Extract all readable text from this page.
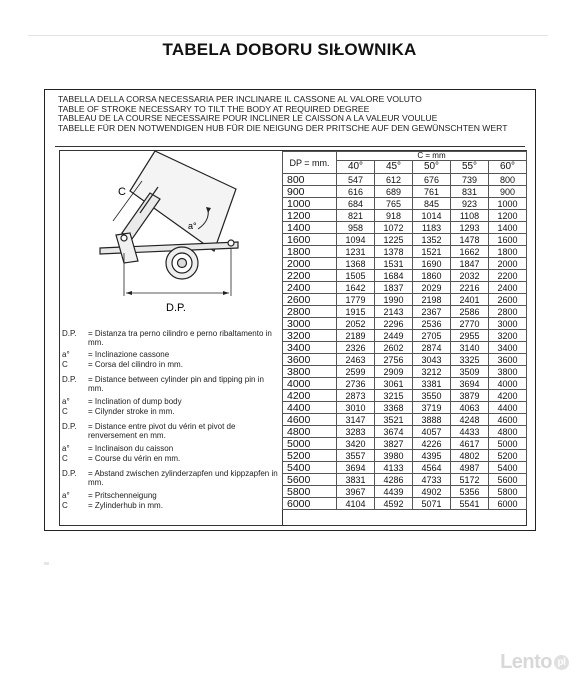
TABELA DOBORU SIŁOWNIKA
TABELLA DELLA CORSA NECESSARIA PER INCLINARE IL CASSONE AL VALORE VOLUTO
TABLE OF STROKE NECESSARY TO TILT THE BODY AT REQUIRED DEGREE
TABLEAU DE LA COURSE NECESSAIRE POUR INCLINER LE CAISSON A LA VALEUR VOULUE
TABELLE FÜR DEN NOTWENDIGEN HUB FÜR DIE NEIGUNG DER PRITSCHE AUF DEN GEWÜNSCHTEN WERT
C
a°
D.P.
D.P. = Distanza tra perno cilindro e perno ribaltamento in mm.
a° = Inclinazione cassone
C	= Corsa del cilindro in mm.
D.P. = Distance between cylinder pin and tipping pin in mm.
a° = Inclination of dump body
C	= Cilynder stroke in mm.
D.P. = Distance entre pivot du vérin et pivot de renversement en mm.
a° = Inclinaison du caisson
C	= Course du vérin en mm.
D.P. = Abstand zwischen zylinderzapfen und kippzapfen in mm.
a° = Pritschenneigung
C	= Zylinderhub in mm.
DP = mm.	C = mm				
	40°	45°	50°	55°	60°
800	547	612	676	739	800
900	616	689	761	831	900
1000	684	765	845	923	1000
1200	821	918	1014	1108	1200
1400	958	1072	1183	1293	1400
1600	1094	1225	1352	1478	1600
1800	1231	1378	1521	1662	1800
2000	1368	1531	1690	1847	2000
2200	1505	1684	1860	2032	2200
2400	1642	1837	2029	2216	2400
2600	1779	1990	2198	2401	2600
2800	1915	2143	2367	2586	2800
3000	2052	2296	2536	2770	3000
3200	2189	2449	2705	2955	3200
3400	2326	2602	2874	3140	3400
3600	2463	2756	3043	3325	3600
3800	2599	2909	3212	3509	3800
4000	2736	3061	3381	3694	4000
4200	2873	3215	3550	3879	4200
4400	3010	3368	3719	4063	4400
4600	3147	3521	3888	4248	4600
4800	3283	3674	4057	4433	4800
5000	3420	3827	4226	4617	5000
5200	3557	3980	4395	4802	5200
5400	3694	4133	4564	4987	5400
5600	3831	4286	4733	5172	5600
5800	3967	4439	4902	5356	5800
6000	4104	4592	5071	5541	6000
Lento pl
